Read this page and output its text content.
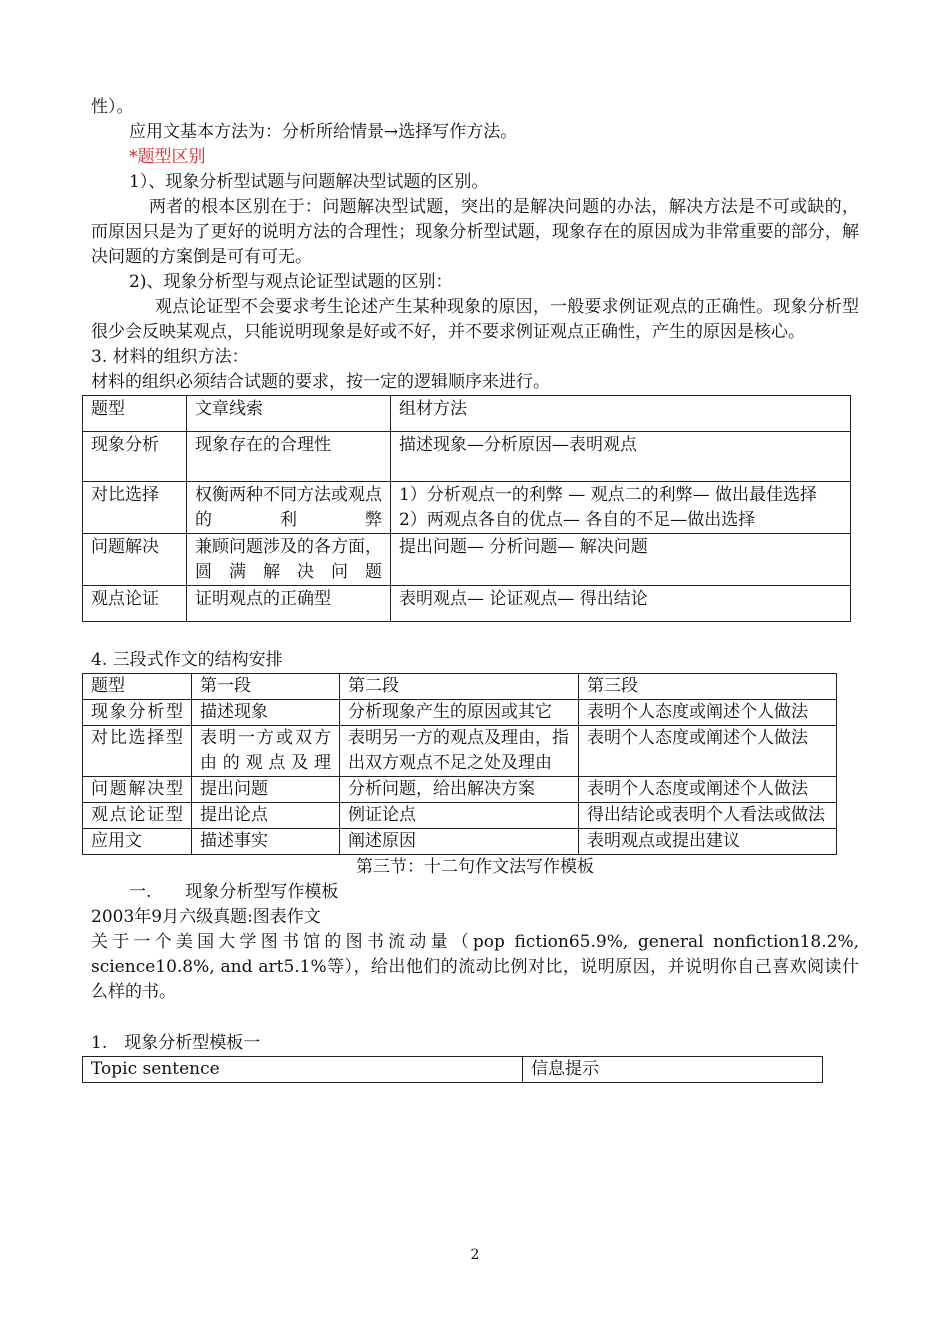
性）。

应用文基本方法为：分析所给情景→选择写作方法。

*题型区别

1）、现象分析型试题与问题解决型试题的区别。

两者的根本区别在于：问题解决型试题，突出的是解决问题的办法，解决方法是不可或缺的，而原因只是为了更好的说明方法的合理性；现象分析型试题，现象存在的原因成为非常重要的部分，解决问题的方案倒是可有可无。

2)、现象分析型与观点论证型试题的区别：

观点论证型不会要求考生论述产生某种现象的原因，一般要求例证观点的正确性。现象分析型很少会反映某观点，只能说明现象是好或不好，并不要求例证观点正确性，产生的原因是核心。

3. 材料的组织方法：

材料的组织必须结合试题的要求，按一定的逻辑顺序来进行。

题型	文章线索	组材方法
现象分析	现象存在的合理性	描述现象—分析原因—表明观点
对比选择	权衡两种不同方法或观点的利弊	1）分析观点一的利弊 — 观点二的利弊— 做出最佳选择
2）两观点各自的优点— 各自的不足—做出选择

问题解决	兼顾问题涉及的各方面，圆满解决问题	提出问题— 分析问题— 解决问题
观点论证	证明观点的正确型	表明观点— 论证观点— 得出结论

4. 三段式作文的结构安排

题型	第一段	第二段	第三段
现象分析型	描述现象	分析现象产生的原因或其它	表明个人态度或阐述个人做法
对比选择型	表明一方或双方由的观点及理	表明另一方的观点及理由，指出双方观点不足之处及理由	表明个人态度或阐述个人做法
问题解决型	提出问题	分析问题，给出解决方案	表明个人态度或阐述个人做法
观点论证型	提出论点	例证论点	得出结论或表明个人看法或做法
应用文	描述事实	阐述原因	表明观点或提出建议

第三节：十二句作文法写作模板

一.　　现象分析型写作模板

2003年9月六级真题:图表作文

关于一个美国大学图书馆的图书流动量（pop fiction65.9%, general nonfiction18.2%, science10.8%, and art5.1%等），给出他们的流动比例对比，说明原因，并说明你自己喜欢阅读什么样的书。

1.　现象分析型模板一

Topic sentence	信息提示
2
